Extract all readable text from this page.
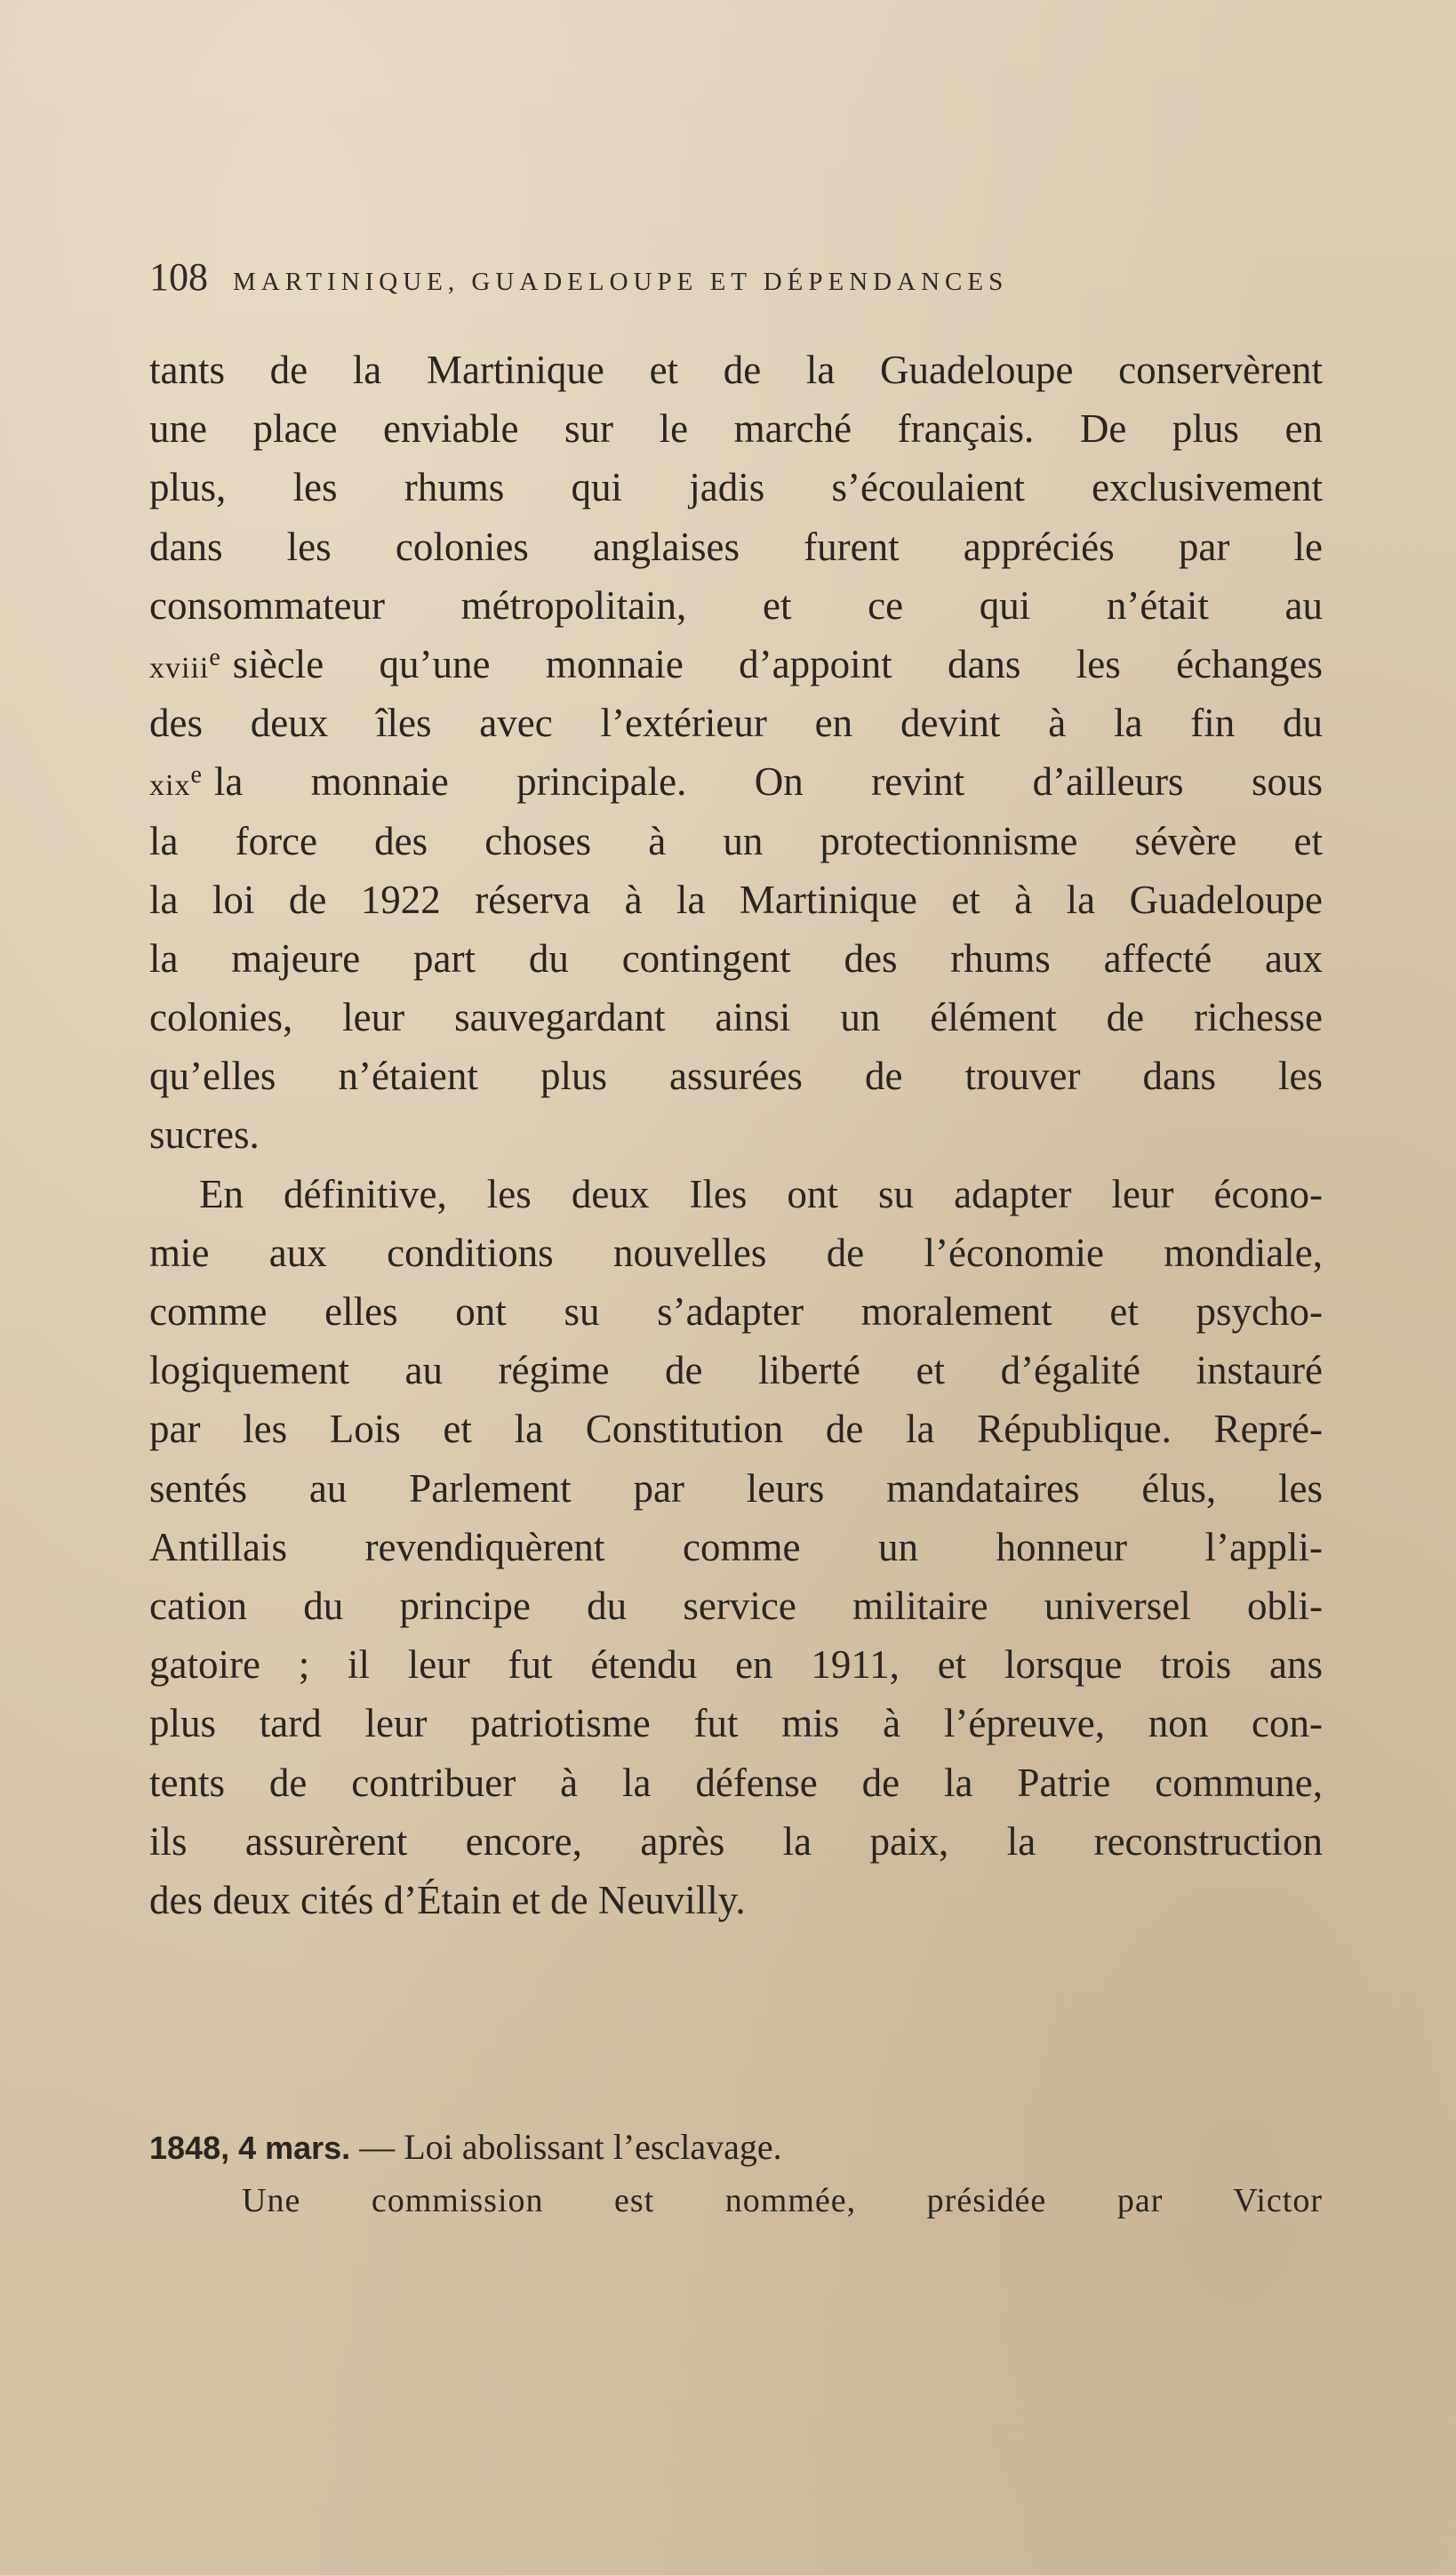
108 MARTINIQUE, GUADELOUPE ET DÉPENDANCES
tants de la Martinique et de la Guadeloupe conservèrent
une place enviable sur le marché français. De plus en
plus, les rhums qui jadis s’écoulaient exclusivement
dans les colonies anglaises furent appréciés par le
consommateur métropolitain, et ce qui n’était au
xviii$^e$ siècle qu’une monnaie d’appoint dans les échanges
des deux îles avec l’extérieur en devint à la fin du
xix$^e$ la monnaie principale. On revint d’ailleurs sous
la force des choses à un protectionnisme sévère et
la loi de 1922 réserva à la Martinique et à la Guadeloupe
la majeure part du contingent des rhums affecté aux
colonies, leur sauvegardant ainsi un élément de richesse
qu’elles n’étaient plus assurées de trouver dans les
sucres.
En définitive, les deux Iles ont su adapter leur écono-
mie aux conditions nouvelles de l’économie mondiale,
comme elles ont su s’adapter moralement et psycho-
logiquement au régime de liberté et d’égalité instauré
par les Lois et la Constitution de la République. Repré-
sentés au Parlement par leurs mandataires élus, les
Antillais revendiquèrent comme un honneur l’appli-
cation du principe du service militaire universel obli-
gatoire ; il leur fut étendu en 1911, et lorsque trois ans
plus tard leur patriotisme fut mis à l’épreuve, non con-
tents de contribuer à la défense de la Patrie commune,
ils assurèrent encore, après la paix, la reconstruction
des deux cités d’Étain et de Neuvilly.
1848, 4 mars. — Loi abolissant l’esclavage.
Une commission est nommée, présidée par Victor
